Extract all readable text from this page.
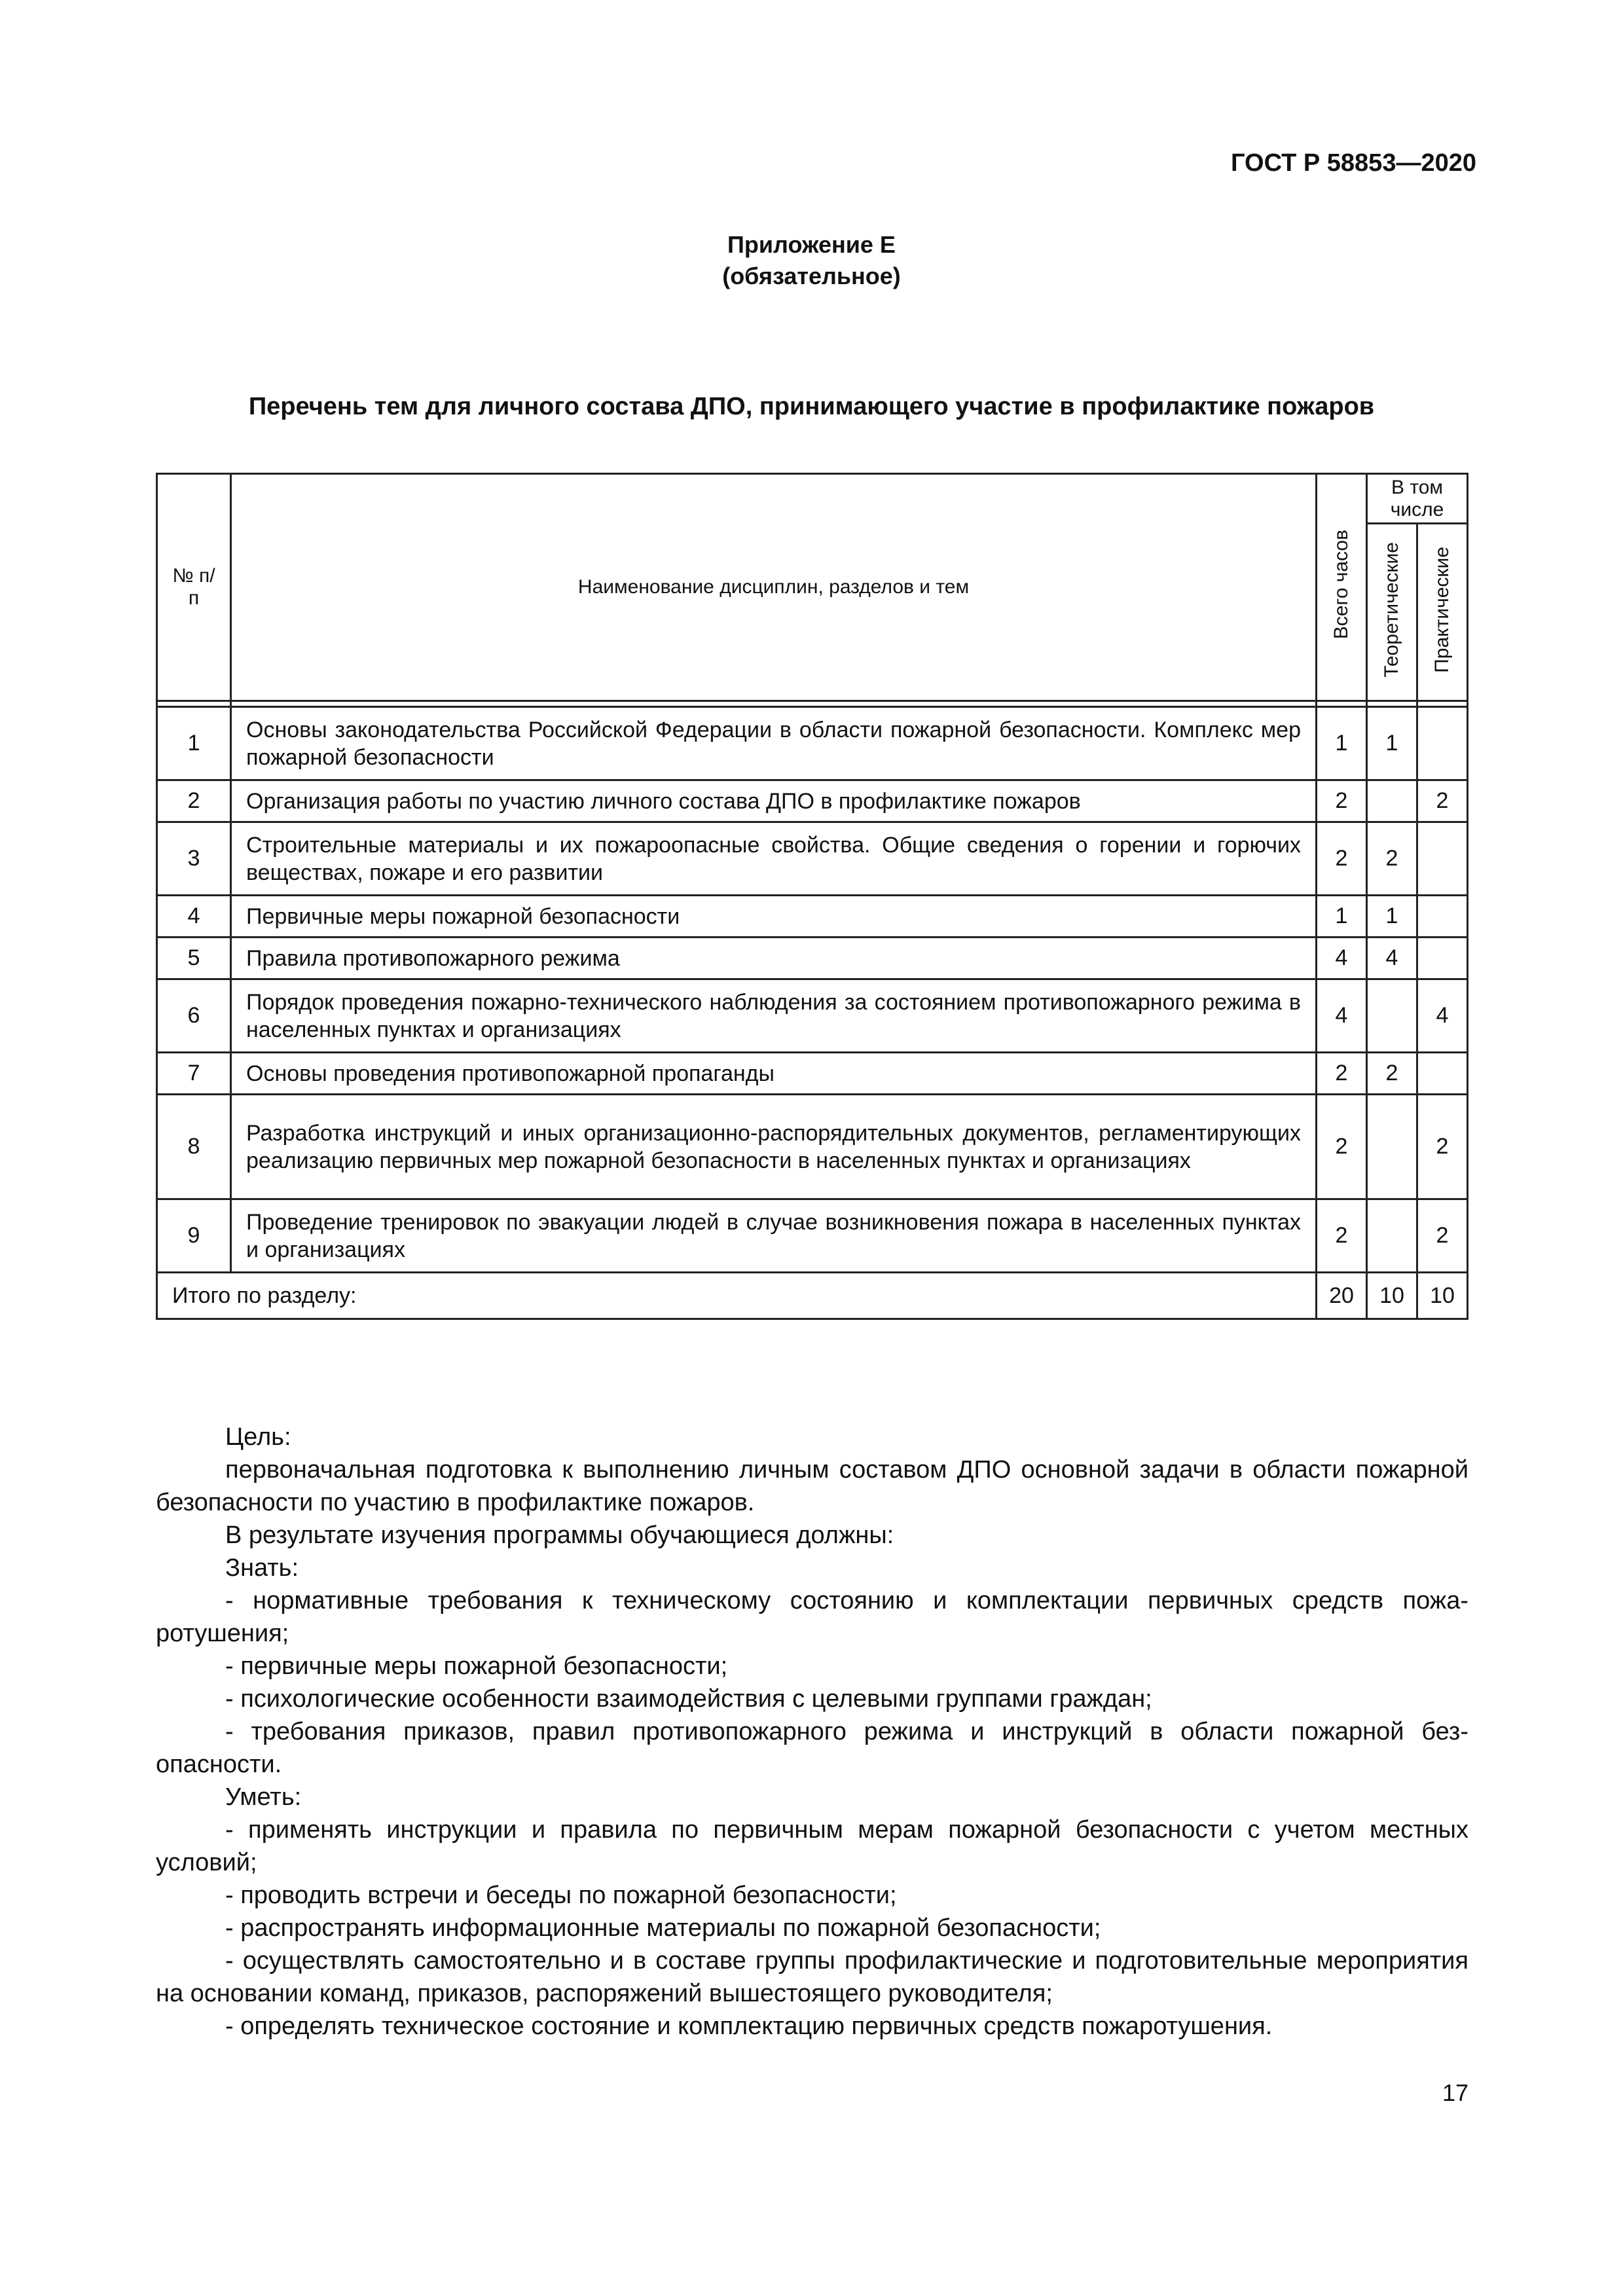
ГОСТ Р 58853—2020
Приложение Е
(обязательное)
Перечень тем для личного состава ДПО, принимающего участие в профилактике пожаров
№ п/п	Наименование дисциплин, разделов и тем	Всего часов	В том числе	
			Теоретические	Практические

1	Основы законодательства Российской Федерации в области пожарной безопасности. Комплекс мер пожарной безопасности	1	1	
2	Организация работы по участию личного состава ДПО в профилактике пожаров	2		2
3	Строительные материалы и их пожароопасные свойства. Общие сведения о горении и горючих веществах, пожаре и его развитии	2	2	
4	Первичные меры пожарной безопасности	1	1	
5	Правила противопожарного режима	4	4	
6	Порядок проведения пожарно-технического наблюдения за состоянием противопожарного режима в населенных пунктах и организациях	4		4
7	Основы проведения противопожарной пропаганды	2	2	
8	Разработка инструкций и иных организационно-распорядительных документов, регламентирующих реализацию первичных мер пожарной безопасности в населенных пунктах и организациях	2		2
9	Проведение тренировок по эвакуации людей в случае возникновения пожара в населенных пунктах и организациях	2		2
Итого по разделу:		20	10	10

Цель:

первоначальная подготовка к выполнению личным составом ДПО основной задачи в области пожарной безопасности по участию в профилактике пожаров.

В результате изучения программы обучающиеся должны:

Знать:

- нормативные требования к техническому состоянию и комплектации первичных средств пожаротушения;

- первичные меры пожарной безопасности;

- психологические особенности взаимодействия с целевыми группами граждан;

- требования приказов, правил противопожарного режима и инструкций в области пожарной безопасности.

Уметь:

- применять инструкции и правила по первичным мерам пожарной безопасности с учетом местных условий;

- проводить встречи и беседы по пожарной безопасности;

- распространять информационные материалы по пожарной безопасности;

- осуществлять самостоятельно и в составе группы профилактические и подготовительные мероприятия на основании команд, приказов, распоряжений вышестоящего руководителя;

- определять техническое состояние и комплектацию первичных средств пожаротушения.

17
